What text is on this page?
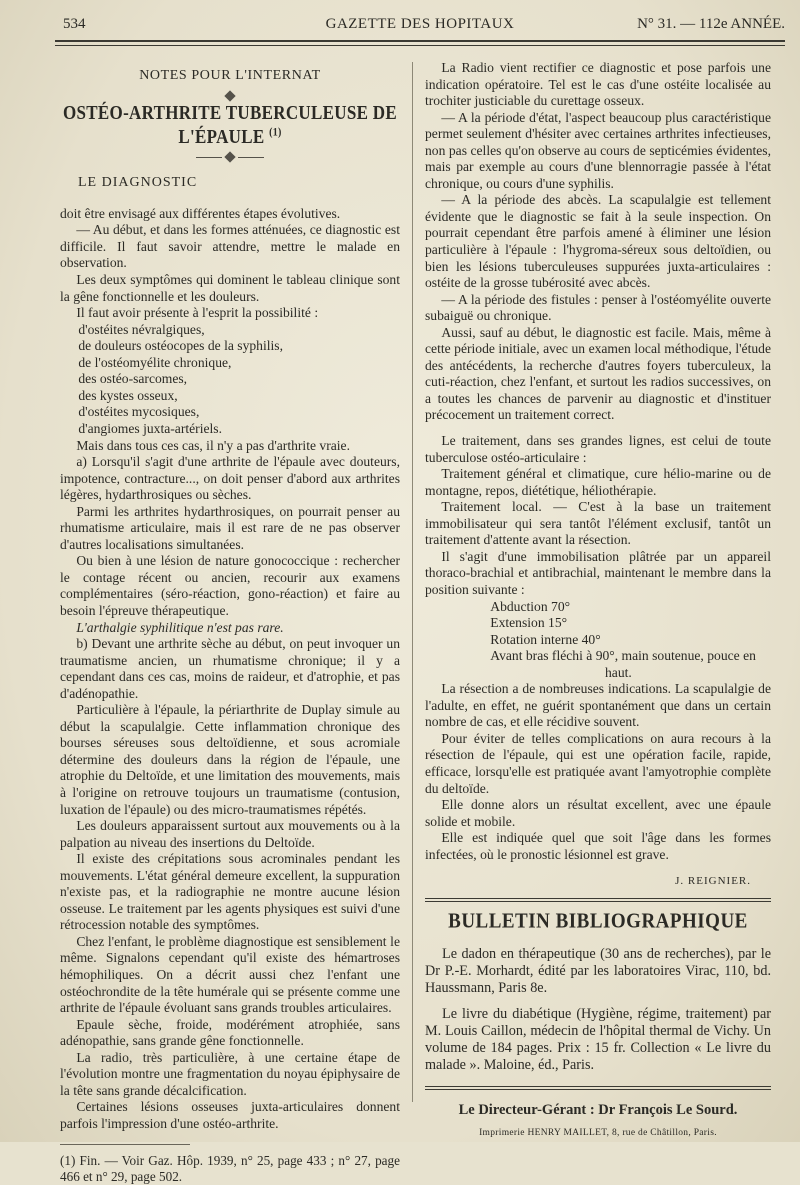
534	GAZETTE DES HOPITAUX	N° 31. — 112e ANNÉE.
NOTES POUR L'INTERNAT
OSTÉO-ARTHRITE TUBERCULEUSE DE L'ÉPAULE $^{(1)}$
LE DIAGNOSTIC

doit être envisagé aux différentes étapes évolutives.

— Au début, et dans les formes atténuées, ce diagnostic est difficile. Il faut savoir attendre, mettre le malade en observation.

Les deux symptômes qui dominent le tableau clinique sont la gêne fonctionnelle et les douleurs.

Il faut avoir présente à l'esprit la possibilité :

d'ostéites névralgiques,

de douleurs ostéocopes de la syphilis,

de l'ostéomyélite chronique,

des ostéo-sarcomes,

des kystes osseux,

d'ostéites mycosiques,

d'angiomes juxta-artériels.

Mais dans tous ces cas, il n'y a pas d'arthrite vraie.

a) Lorsqu'il s'agit d'une arthrite de l'épaule avec douteurs, impotence, contracture..., on doit penser d'abord aux arthrites légères, hydarthrosiques ou sèches.

Parmi les arthrites hydarthrosiques, on pourrait penser au rhumatisme articulaire, mais il est rare de ne pas observer d'autres localisations simultanées.

Ou bien à une lésion de nature gonococcique : rechercher le contage récent ou ancien, recourir aux examens complémentaires (séro-réaction, gono-réaction) et faire au besoin l'épreuve thérapeutique.

L'arthalgie syphilitique n'est pas rare.

b) Devant une arthrite sèche au début, on peut invoquer un traumatisme ancien, un rhumatisme chronique; il y a cependant dans ces cas, moins de raideur, et d'atrophie, et pas d'adénopathie.

Particulière à l'épaule, la périarthrite de Duplay simule au début la scapulalgie. Cette inflammation chronique des bourses séreuses sous deltoïdienne, et sous acromiale détermine des douleurs dans la région de l'épaule, une atrophie du Deltoïde, et une limitation des mouvements, mais à l'origine on retrouve toujours un traumatisme (contusion, luxation de l'épaule) ou des micro-traumatismes répétés.

Les douleurs apparaissent surtout aux mouvements ou à la palpation au niveau des insertions du Deltoïde.

Il existe des crépitations sous acrominales pendant les mouvements. L'état général demeure excellent, la suppuration n'existe pas, et la radiographie ne montre aucune lésion osseuse. Le traitement par les agents physiques est suivi d'une rétrocession notable des symptômes.

Chez l'enfant, le problème diagnostique est sensiblement le même. Signalons cependant qu'il existe des hémartroses hémophiliques. On a décrit aussi chez l'enfant une ostéochrondite de la tête humérale qui se présente comme une arthrite de l'épaule évoluant sans grands troubles articulaires.

Epaule sèche, froide, modérément atrophiée, sans adénopathie, sans grande gêne fonctionnelle.

La radio, très particulière, à une certaine étape de l'évolution montre une fragmentation du noyau épiphysaire de la tête sans grande décalcification.

Certaines lésions osseuses juxta-articulaires donnent parfois l'impression d'une ostéo-arthrite.

(1) Fin. — Voir Gaz. Hôp. 1939, n° 25, page 433 ; n° 27, page 466 et n° 29, page 502.

La Radio vient rectifier ce diagnostic et pose parfois une indication opératoire. Tel est le cas d'une ostéite localisée au trochiter justiciable du curettage osseux.

— A la période d'état, l'aspect beaucoup plus caractéristique permet seulement d'hésiter avec certaines arthrites infectieuses, non pas celles qu'on observe au cours de septicémies évidentes, mais par exemple au cours d'une blennorragie passée à l'état chronique, ou cours d'une syphilis.

— A la période des abcès. La scapulalgie est tellement évidente que le diagnostic se fait à la seule inspection. On pourrait cependant être parfois amené à éliminer une lésion particulière à l'épaule : l'hygroma-séreux sous deltoïdien, ou bien les lésions tuberculeuses suppurées juxta-articulaires : ostéite de la grosse tubérosité avec abcès.

— A la période des fistules : penser à l'ostéomyélite ouverte subaiguë ou chronique.

Aussi, sauf au début, le diagnostic est facile. Mais, même à cette période initiale, avec un examen local méthodique, l'étude des antécédents, la recherche d'autres foyers tuberculeux, la cuti-réaction, chez l'enfant, et surtout les radios successives, on a toutes les chances de parvenir au diagnostic et d'instituer précocement un traitement correct.

Le traitement, dans ses grandes lignes, est celui de toute tuberculose ostéo-articulaire :

Traitement général et climatique, cure hélio-marine ou de montagne, repos, diététique, héliothérapie.

Traitement local. — C'est à la base un traitement immobilisateur qui sera tantôt l'élément exclusif, tantôt un traitement d'attente avant la résection.

Il s'agit d'une immobilisation plâtrée par un appareil thoraco-brachial et antibrachial, maintenant le membre dans la position suivante :

Abduction 70°

Extension 15°

Rotation interne 40°

Avant bras fléchi à 90°, main soutenue, pouce en

haut.

La résection a de nombreuses indications. La scapulalgie de l'adulte, en effet, ne guérit spontanément que dans un certain nombre de cas, et elle récidive souvent.

Pour éviter de telles complications on aura recours à la résection de l'épaule, qui est une opération facile, rapide, efficace, lorsqu'elle est pratiquée avant l'amyotrophie complète du deltoïde.

Elle donne alors un résultat excellent, avec une épaule solide et mobile.

Elle est indiquée quel que soit l'âge dans les formes infectées, où le pronostic lésionnel est grave.

J. REIGNIER.
BULLETIN BIBLIOGRAPHIQUE

Le dadon en thérapeutique (30 ans de recherches), par le Dr P.-E. Morhardt, édité par les laboratoires Virac, 110, bd. Haussmann, Paris 8e.

Le livre du diabétique (Hygiène, régime, traitement) par M. Louis Caillon, médecin de l'hôpital thermal de Vichy. Un volume de 184 pages. Prix : 15 fr. Collection « Le livre du malade ». Maloine, éd., Paris.

Le Directeur-Gérant : Dr François Le Sourd.
Imprimerie HENRY MAILLET, 8, rue de Châtillon, Paris.
